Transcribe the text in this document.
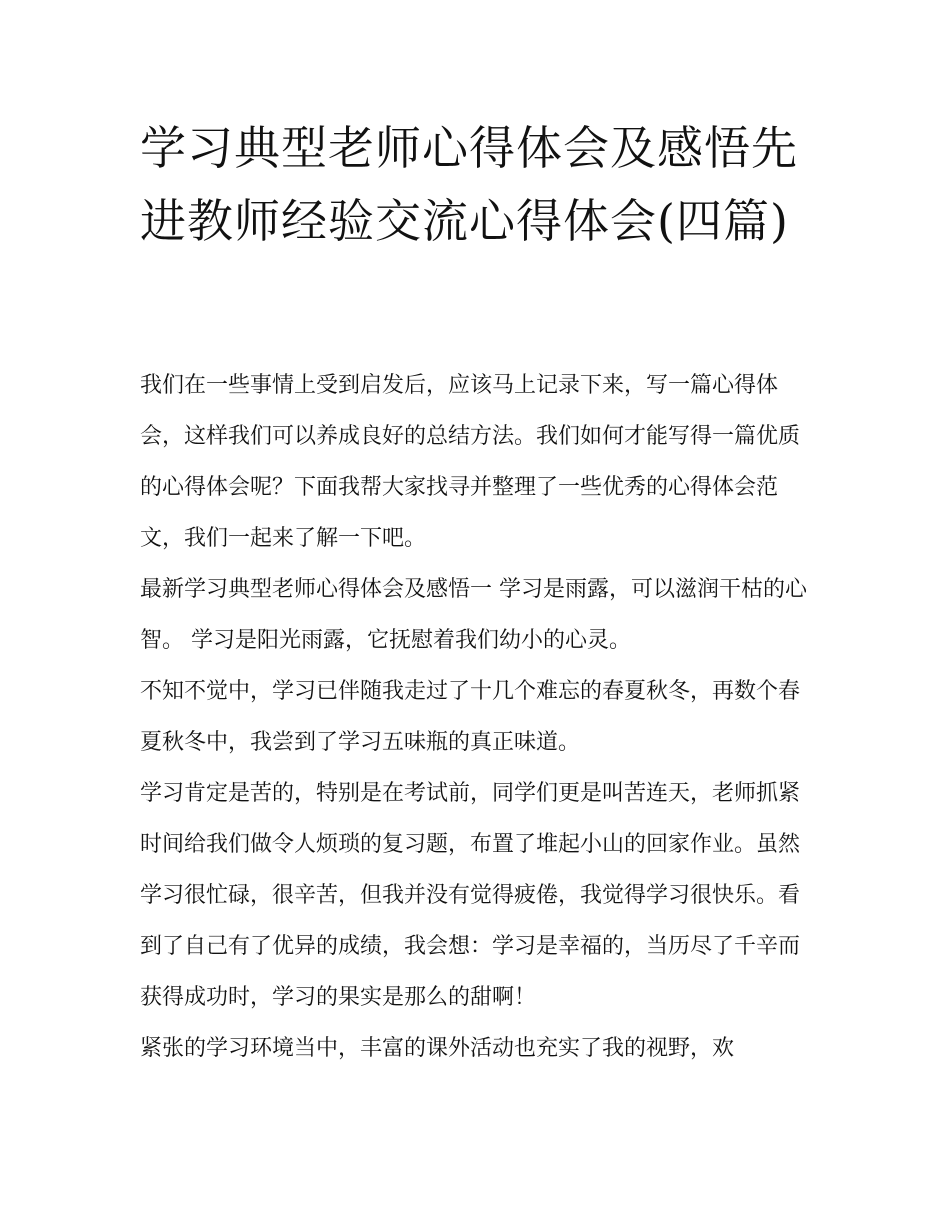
学习典型老师心得体会及感悟先进教师经验交流心得体会(四篇)

我们在一些事情上受到启发后，应该马上记录下来，写一篇心得体会，这样我们可以养成良好的总结方法。我们如何才能写得一篇优质的心得体会呢？下面我帮大家找寻并整理了一些优秀的心得体会范文，我们一起来了解一下吧。

最新学习典型老师心得体会及感悟一 学习是雨露，可以滋润干枯的心智。 学习是阳光雨露，它抚慰着我们幼小的心灵。

不知不觉中，学习已伴随我走过了十几个难忘的春夏秋冬，再数个春夏秋冬中，我尝到了学习五味瓶的真正味道。

学习肯定是苦的，特别是在考试前，同学们更是叫苦连天，老师抓紧时间给我们做令人烦琐的复习题，布置了堆起小山的回家作业。虽然学习很忙碌，很辛苦，但我并没有觉得疲倦，我觉得学习很快乐。看到了自己有了优异的成绩，我会想：学习是幸福的，当历尽了千辛而获得成功时，学习的果实是那么的甜啊！

紧张的学习环境当中，丰富的课外活动也充实了我的视野，欢
